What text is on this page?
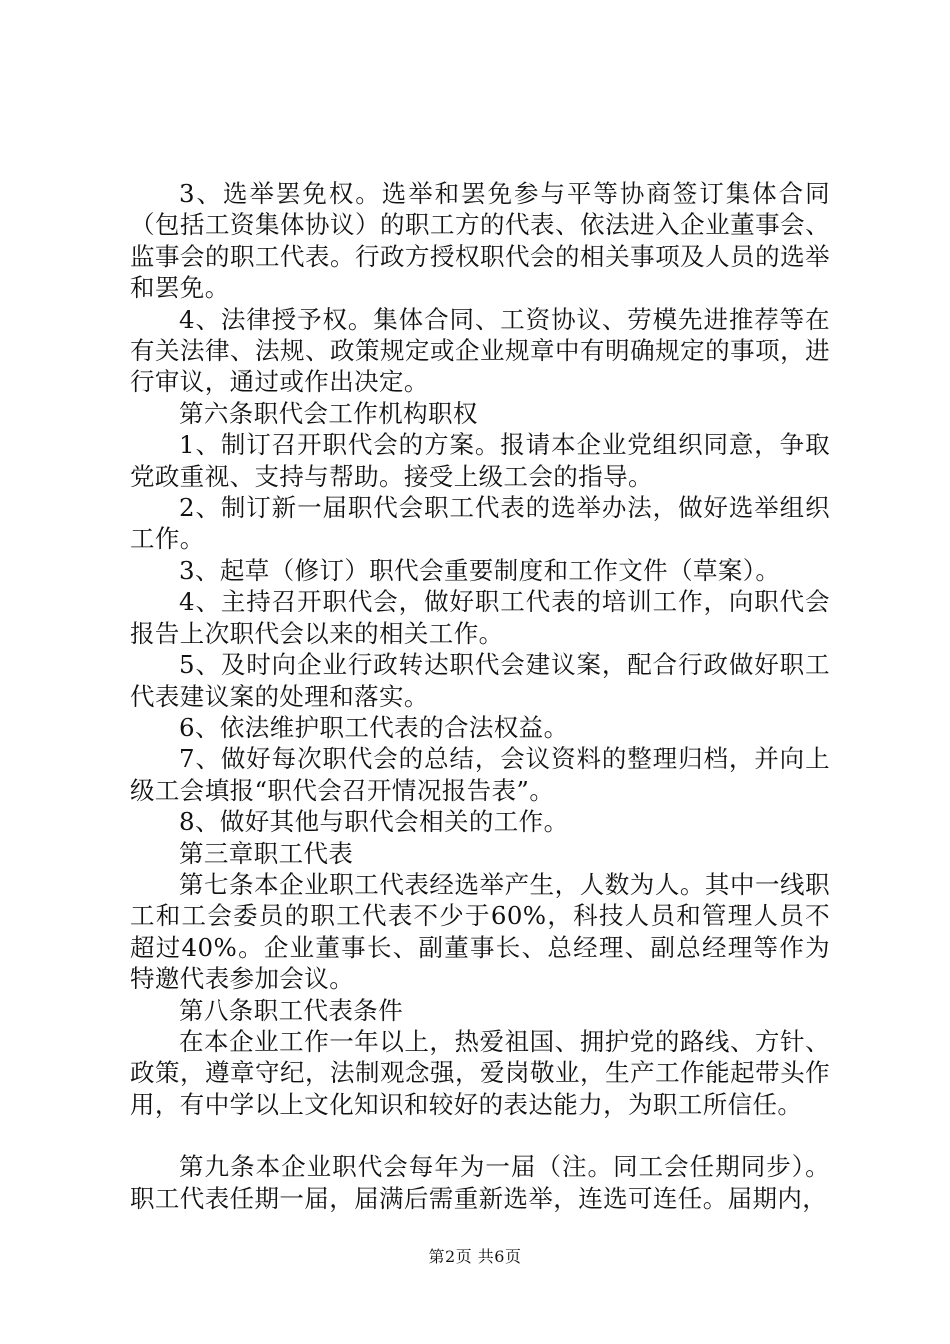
3、选举罢免权。选举和罢免参与平等协商签订集体合同（包括工资集体协议）的职工方的代表、依法进入企业董事会、监事会的职工代表。行政方授权职代会的相关事项及人员的选举和罢免。

4、法律授予权。集体合同、工资协议、劳模先进推荐等在有关法律、法规、政策规定或企业规章中有明确规定的事项，进行审议，通过或作出决定。

第六条职代会工作机构职权

1、制订召开职代会的方案。报请本企业党组织同意，争取党政重视、支持与帮助。接受上级工会的指导。

2、制订新一届职代会职工代表的选举办法，做好选举组织工作。

3、起草（修订）职代会重要制度和工作文件（草案）。

4、主持召开职代会，做好职工代表的培训工作，向职代会报告上次职代会以来的相关工作。

5、及时向企业行政转达职代会建议案，配合行政做好职工代表建议案的处理和落实。

6、依法维护职工代表的合法权益。

7、做好每次职代会的总结，会议资料的整理归档，并向上级工会填报“职代会召开情况报告表”。

8、做好其他与职代会相关的工作。

第三章职工代表

第七条本企业职工代表经选举产生，人数为人。其中一线职工和工会委员的职工代表不少于60%，科技人员和管理人员不超过40%。企业董事长、副董事长、总经理、副总经理等作为特邀代表参加会议。

第八条职工代表条件

在本企业工作一年以上，热爱祖国、拥护党的路线、方针、政策，遵章守纪，法制观念强，爱岗敬业，生产工作能起带头作用，有中学以上文化知识和较好的表达能力，为职工所信任。

第九条本企业职代会每年为一届（注。同工会任期同步）。职工代表任期一届，届满后需重新选举，连选可连任。届期内，

第2页 共6页
